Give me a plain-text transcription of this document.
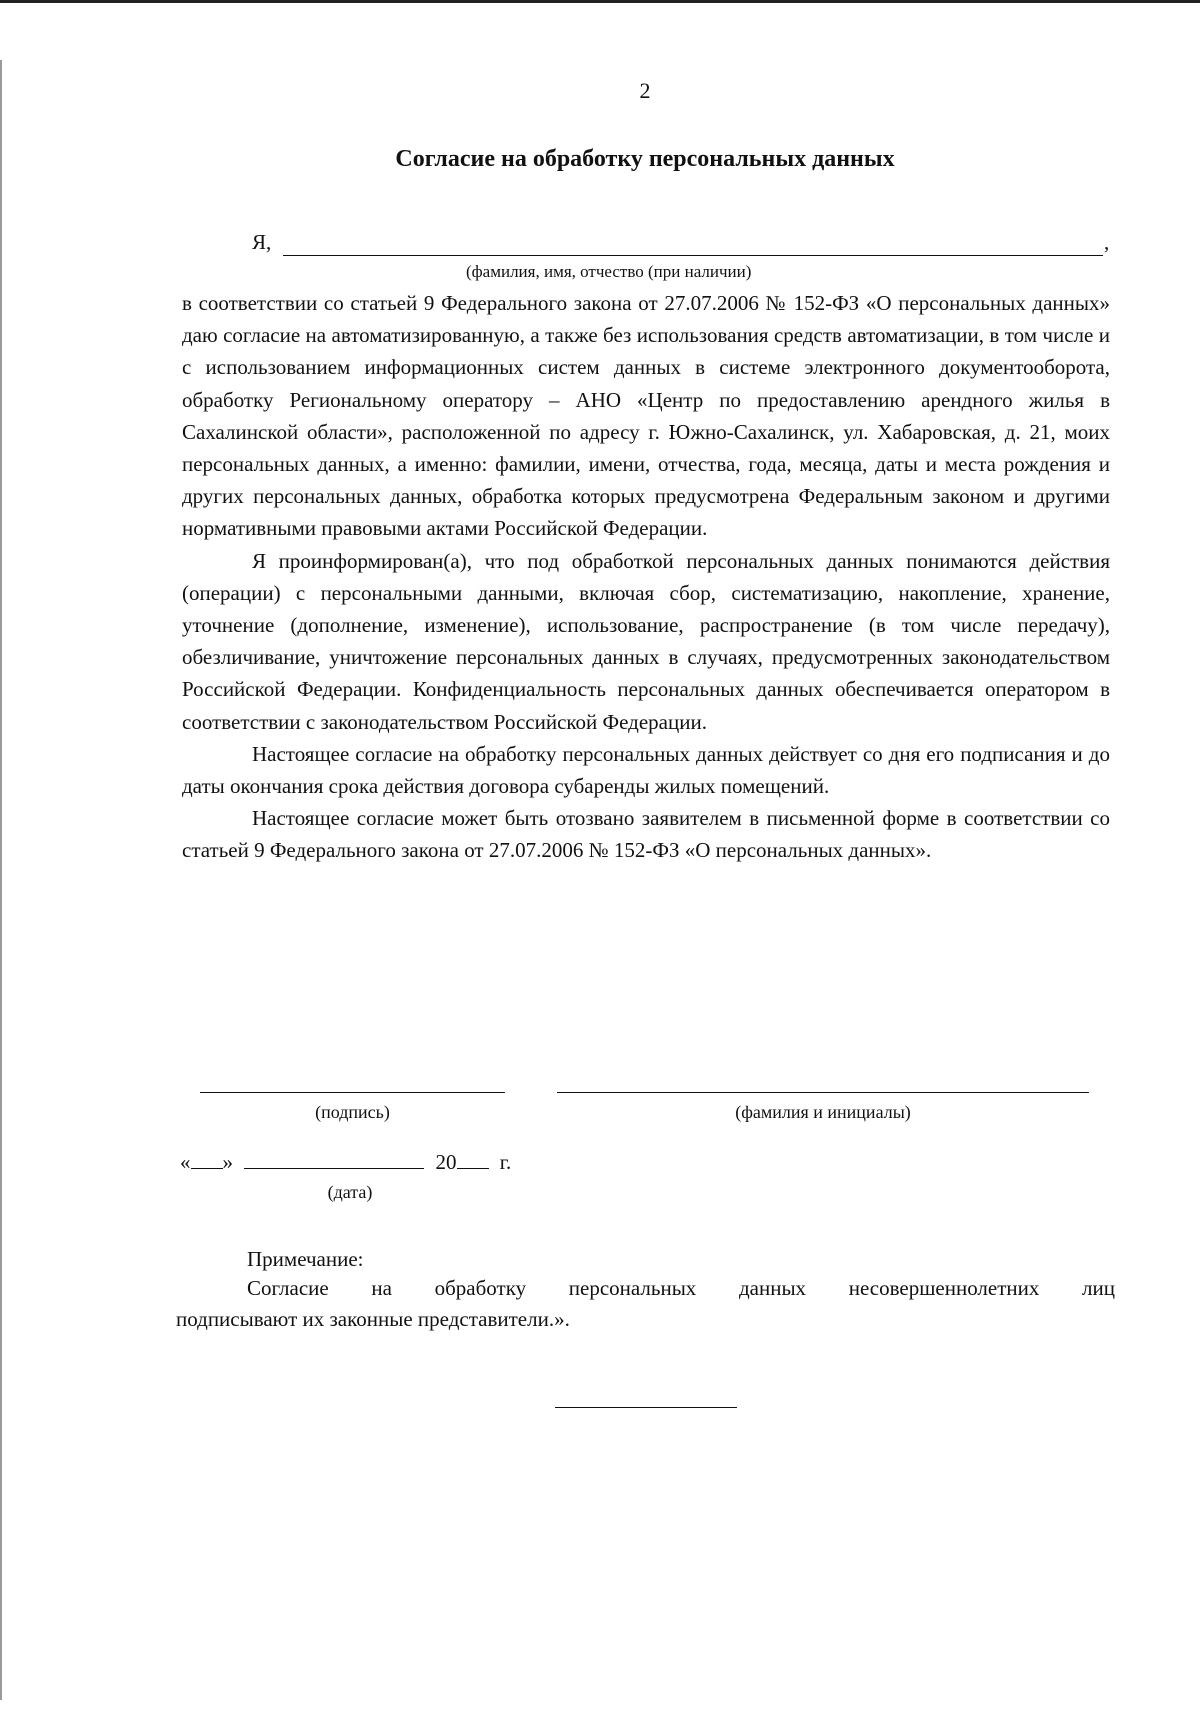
2
Согласие на обработку персональных данных
Я,	,
(фамилия, имя, отчество (при наличии)

в соответствии со статьей 9 Федерального закона от 27.07.2006 № 152-ФЗ «О персональных данных» даю согласие на автоматизированную, а также без использования средств автоматизации, в том числе и с использованием информационных систем данных в системе электронного документооборота, обработку Региональному оператору – АНО «Центр по предоставлению арендного жилья в Сахалинской области», расположенной по адресу г. Южно-Сахалинск, ул. Хабаровская, д. 21, моих персональных данных, а именно: фамилии, имени, отчества, года, месяца, даты и места рождения и других персональных данных, обработка которых предусмотрена Федеральным законом и другими нормативными правовыми актами Российской Федерации.

Я проинформирован(а), что под обработкой персональных данных понимаются действия (операции) с персональными данными, включая сбор, систематизацию, накопление, хранение, уточнение (дополнение, изменение), использование, распространение (в том числе передачу), обезличивание, уничтожение персональных данных в случаях, предусмотренных законодательством Российской Федерации. Конфиденциальность персональных данных обеспечивается оператором в соответствии с законодательством Российской Федерации.

Настоящее согласие на обработку персональных данных действует со дня его подписания и до даты окончания срока действия договора субаренды жилых помещений.

Настоящее согласие может быть отозвано заявителем в письменной форме в соответствии со статьей 9 Федерального закона от 27.07.2006 № 152-ФЗ «О персональных данных».

(подпись)	(фамилия и инициалы)
« »	20 г.
(дата)
Примечание:
Согласие на обработку персональных данных несовершеннолетних лиц
подписывают их законные представители.».
